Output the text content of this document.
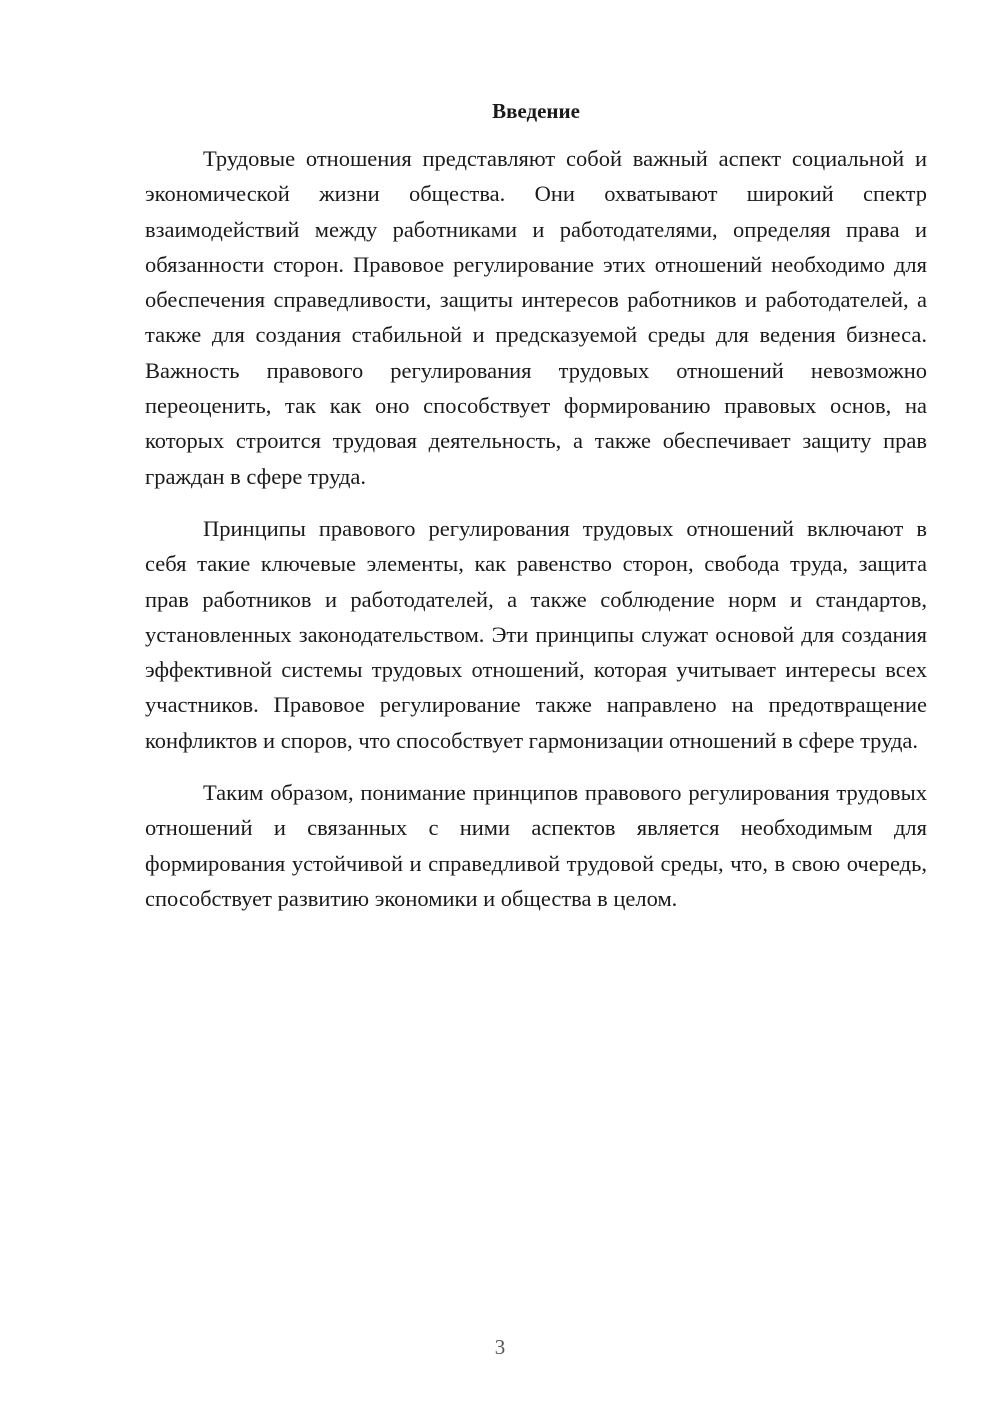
Введение

Трудовые отношения представляют собой важный аспект социальной и экономической жизни общества. Они охватывают широкий спектр взаимодействий между работниками и работодателями, определяя права и обязанности сторон. Правовое регулирование этих отношений необходимо для обеспечения справедливости, защиты интересов работников и работодателей, а также для создания стабильной и предсказуемой среды для ведения бизнеса. Важность правового регулирования трудовых отношений невозможно переоценить, так как оно способствует формированию правовых основ, на которых строится трудовая деятельность, а также обеспечивает защиту прав граждан в сфере труда.

Принципы правового регулирования трудовых отношений включают в себя такие ключевые элементы, как равенство сторон, свобода труда, защита прав работников и работодателей, а также соблюдение норм и стандартов, установленных законодательством. Эти принципы служат основой для создания эффективной системы трудовых отношений, которая учитывает интересы всех участников. Правовое регулирование также направлено на предотвращение конфликтов и споров, что способствует гармонизации отношений в сфере труда.

Таким образом, понимание принципов правового регулирования трудовых отношений и связанных с ними аспектов является необходимым для формирования устойчивой и справедливой трудовой среды, что, в свою очередь, способствует развитию экономики и общества в целом.

3
